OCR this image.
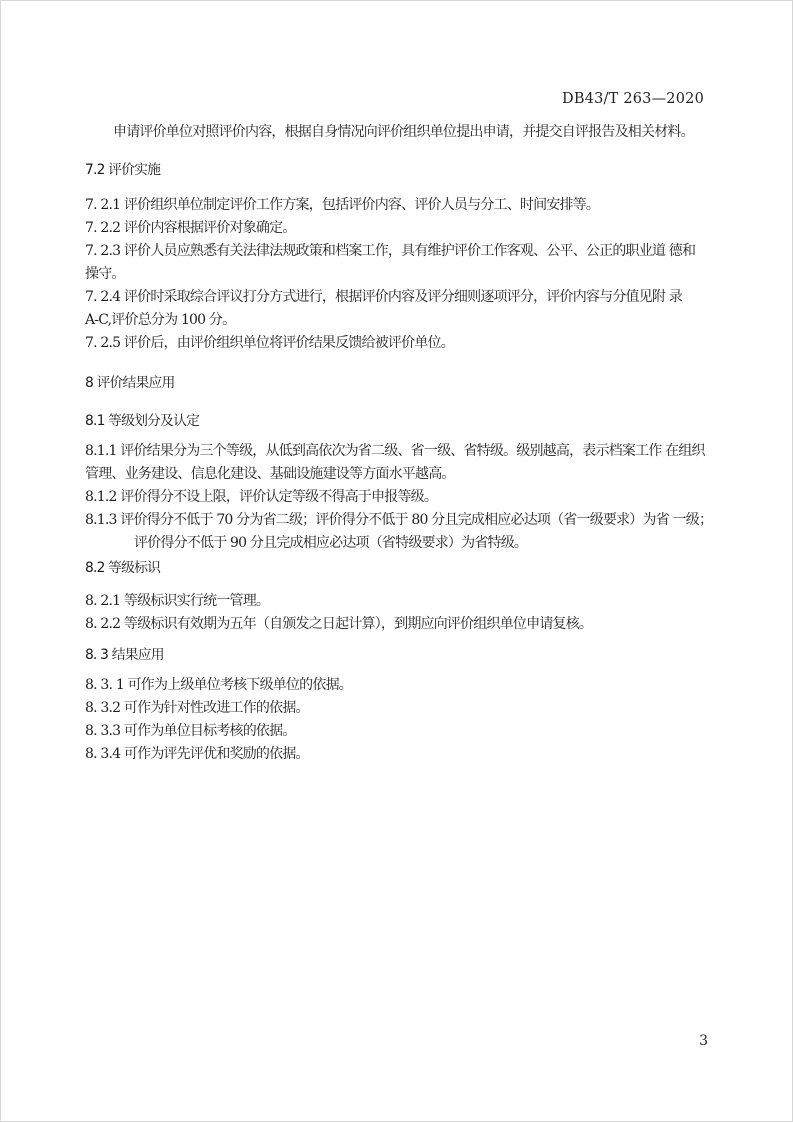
DB43/T 263—2020

申请评价单位对照评价内容，根据自身情况向评价组织单位提出申请，并提交自评报告及相关材料。

7.2 评价实施

7. 2.1 评价组织单位制定评价工作方案，包括评价内容、评价人员与分工、时间安排等。

7. 2.2 评价内容根据评价对象确定。

7. 2.3 评价人员应熟悉有关法律法规政策和档案工作，具有维护评价工作客观、公平、公正的职业道 德和

操守。

7. 2.4 评价时采取综合评议打分方式进行，根据评价内容及评分细则逐项评分，评价内容与分值见附 录

A-C,评价总分为 100 分。

7. 2.5 评价后，由评价组织单位将评价结果反馈给被评价单位。

8 评价结果应用
8.1 等级划分及认定

8.1.1 评价结果分为三个等级，从低到高依次为省二级、省一级、省特级。级别越高，表示档案工作 在组织

管理、业务建设、信息化建设、基础设施建设等方面水平越高。

8.1.2 评价得分不设上限，评价认定等级不得高于申报等级。

8.1.3 评价得分不低于 70 分为省二级；评价得分不低于 80 分且完成相应必达项（省一级要求）为省 一级；

评价得分不低于 90 分且完成相应必达项（省特级要求）为省特级。

8.2 等级标识

8. 2.1 等级标识实行统一管理。

8. 2.2 等级标识有效期为五年（自颁发之日起计算），到期应向评价组织单位申请复核。

8. 3 结果应用

8. 3. 1 可作为上级单位考核下级单位的依据。

8. 3.2 可作为针对性改进工作的依据。

8. 3.3 可作为单位目标考核的依据。

8. 3.4 可作为评先评优和奖励的依据。

3
